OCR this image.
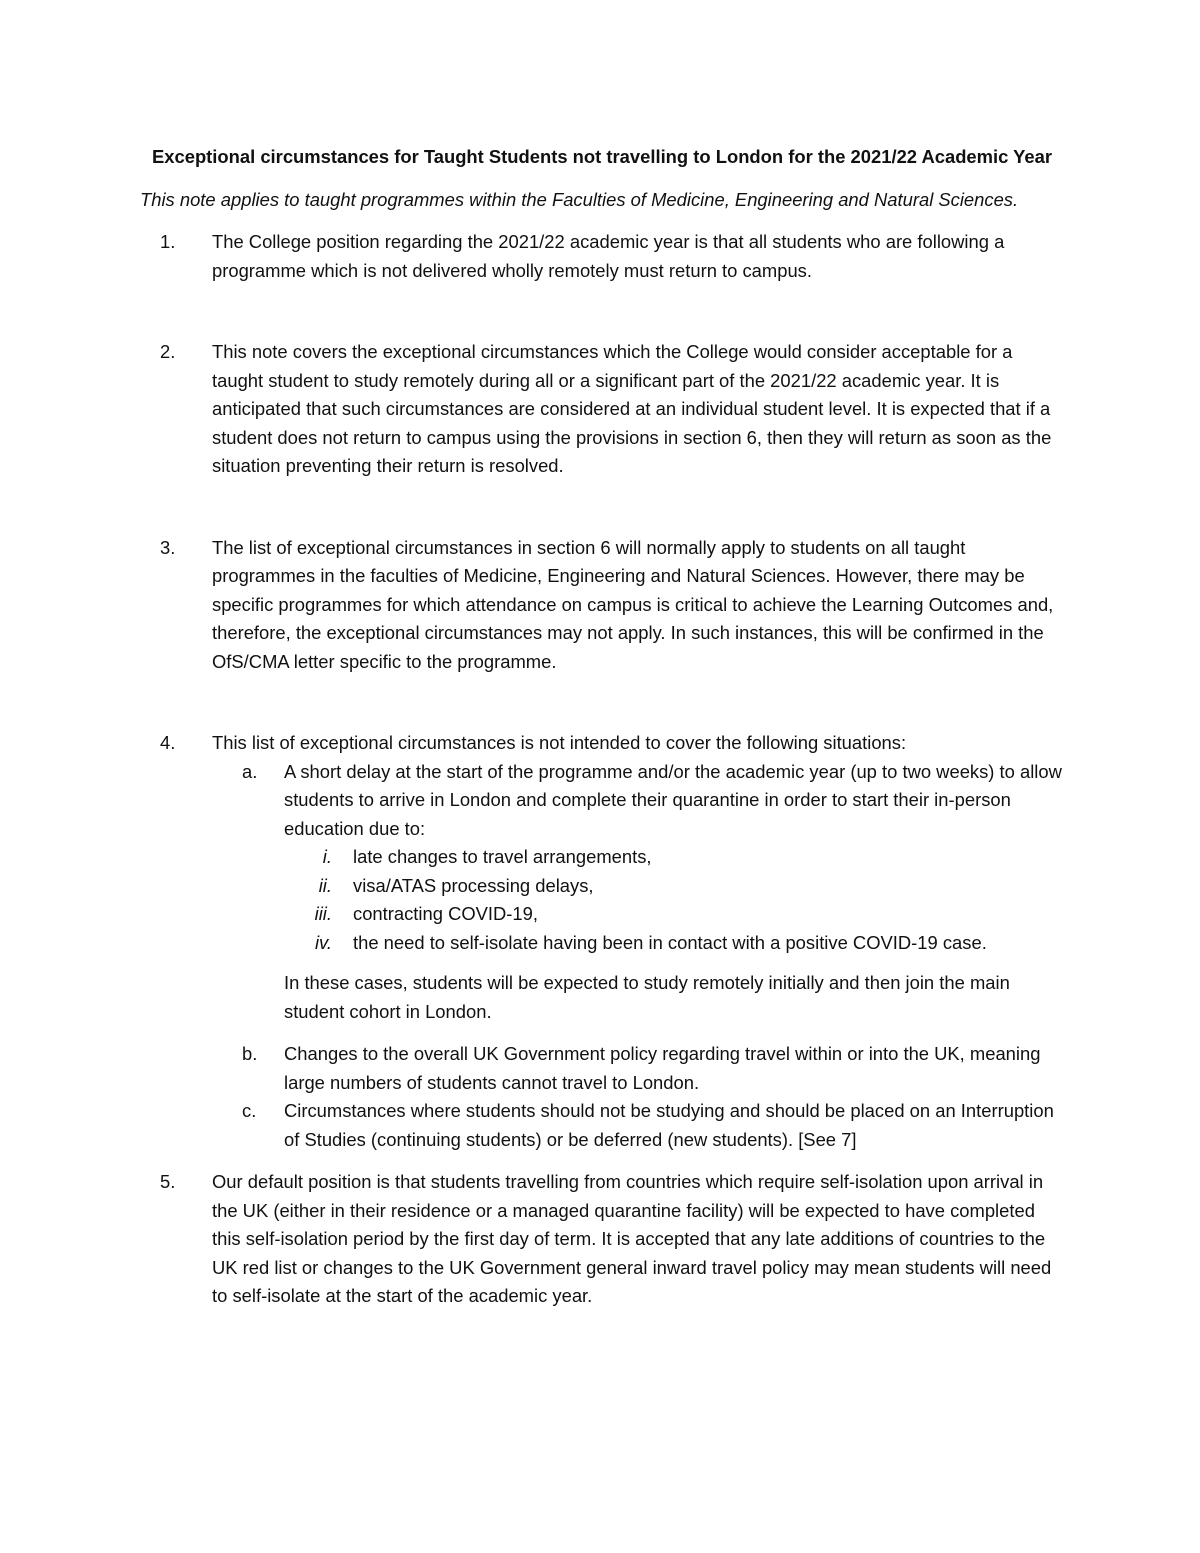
Exceptional circumstances for Taught Students not travelling to London for the 2021/22 Academic Year
This note applies to taught programmes within the Faculties of Medicine, Engineering and Natural Sciences.
1. The College position regarding the 2021/22 academic year is that all students who are following a programme which is not delivered wholly remotely must return to campus.
2. This note covers the exceptional circumstances which the College would consider acceptable for a taught student to study remotely during all or a significant part of the 2021/22 academic year. It is anticipated that such circumstances are considered at an individual student level. It is expected that if a student does not return to campus using the provisions in section 6, then they will return as soon as the situation preventing their return is resolved.
3. The list of exceptional circumstances in section 6 will normally apply to students on all taught programmes in the faculties of Medicine, Engineering and Natural Sciences. However, there may be specific programmes for which attendance on campus is critical to achieve the Learning Outcomes and, therefore, the exceptional circumstances may not apply. In such instances, this will be confirmed in the OfS/CMA letter specific to the programme.
4. This list of exceptional circumstances is not intended to cover the following situations:
a. A short delay at the start of the programme and/or the academic year (up to two weeks) to allow students to arrive in London and complete their quarantine in order to start their in-person education due to:
i. late changes to travel arrangements,
ii. visa/ATAS processing delays,
iii. contracting COVID-19,
iv. the need to self-isolate having been in contact with a positive COVID-19 case.
In these cases, students will be expected to study remotely initially and then join the main student cohort in London.
b. Changes to the overall UK Government policy regarding travel within or into the UK, meaning large numbers of students cannot travel to London.
c. Circumstances where students should not be studying and should be placed on an Interruption of Studies (continuing students) or be deferred (new students). [See 7]
5. Our default position is that students travelling from countries which require self-isolation upon arrival in the UK (either in their residence or a managed quarantine facility) will be expected to have completed this self-isolation period by the first day of term. It is accepted that any late additions of countries to the UK red list or changes to the UK Government general inward travel policy may mean students will need to self-isolate at the start of the academic year.
